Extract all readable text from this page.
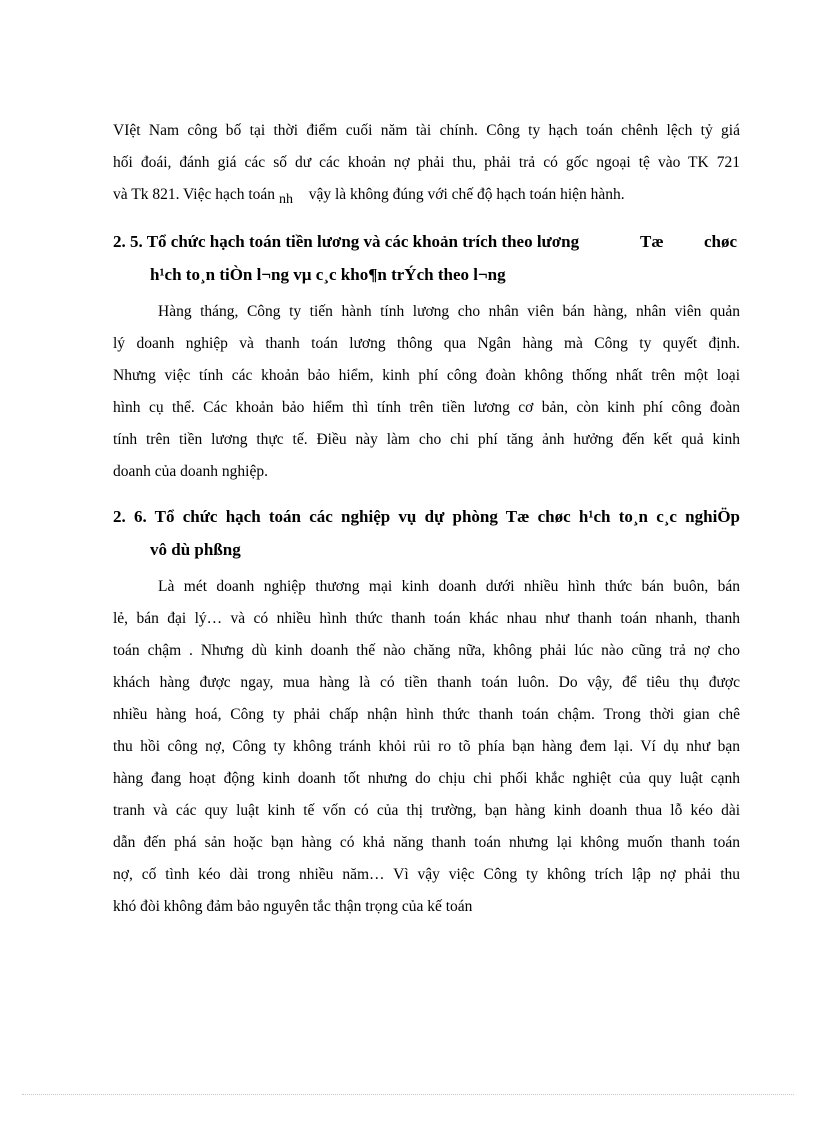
VIệt Nam công bố tại thời điểm cuối năm tài chính. Công ty hạch toán chênh lệch tỷ giá
hối đoái, đánh giá các số dư các khoản nợ phải thu, phải trả có gốc ngoại tệ vào TK 721
và Tk 821. Việc hạch toán nh vậy là không đúng với chế độ hạch toán hiện hành.
2. 5. Tổ chức hạch toán tiền lương và các khoản trích theo lương	Tæ chøc
h¹ch to¸n tiÒn l¬ng vµ c¸c kho¶n trÝch theo l¬ng
Hàng tháng, Công ty tiến hành tính lương cho nhân viên bán hàng, nhân viên quản
lý doanh nghiệp và thanh toán lương thông qua Ngân hàng mà Công ty quyết định.
Nhưng việc tính các khoản bảo hiểm, kinh phí công đoàn không thống nhất trên một loại
hình cụ thể. Các khoản bảo hiểm thì tính trên tiền lương cơ bản, còn kinh phí công đoàn
tính trên tiền lương thực tế. Điều này làm cho chi phí tăng ảnh hưởng đến kết quả kinh
doanh của doanh nghiệp.
2. 6. Tổ chức hạch toán các nghiệp vụ dự phòng Tæ chøc h¹ch to¸n c¸c nghiÖp
vô dù phßng
Là mét doanh nghiệp thương mại kinh doanh dưới nhiều hình thức bán buôn, bán
lẻ, bán đại lý… và có nhiều hình thức thanh toán khác nhau như thanh toán nhanh, thanh
toán chậm . Nhưng dù kinh doanh thế nào chăng nữa, không phải lúc nào cũng trả nợ cho
khách hàng được ngay, mua hàng là có tiền thanh toán luôn. Do vậy, để tiêu thụ được
nhiều hàng hoá, Công ty phải chấp nhận hình thức thanh toán chậm. Trong thời gian chê
thu hồi công nợ, Công ty không tránh khỏi rủi ro tõ phía bạn hàng đem lại. Ví dụ như bạn
hàng đang hoạt động kinh doanh tốt nhưng do chịu chi phối khắc nghiệt của quy luật cạnh
tranh và các quy luật kinh tế vốn có của thị trường, bạn hàng kinh doanh thua lỗ kéo dài
dẫn đến phá sản hoặc bạn hàng có khả năng thanh toán nhưng lại không muốn thanh toán
nợ, cố tình kéo dài trong nhiều năm… Vì vậy việc Công ty không trích lập nợ phải thu
khó đòi không đảm bảo nguyên tắc thận trọng của kế toán
